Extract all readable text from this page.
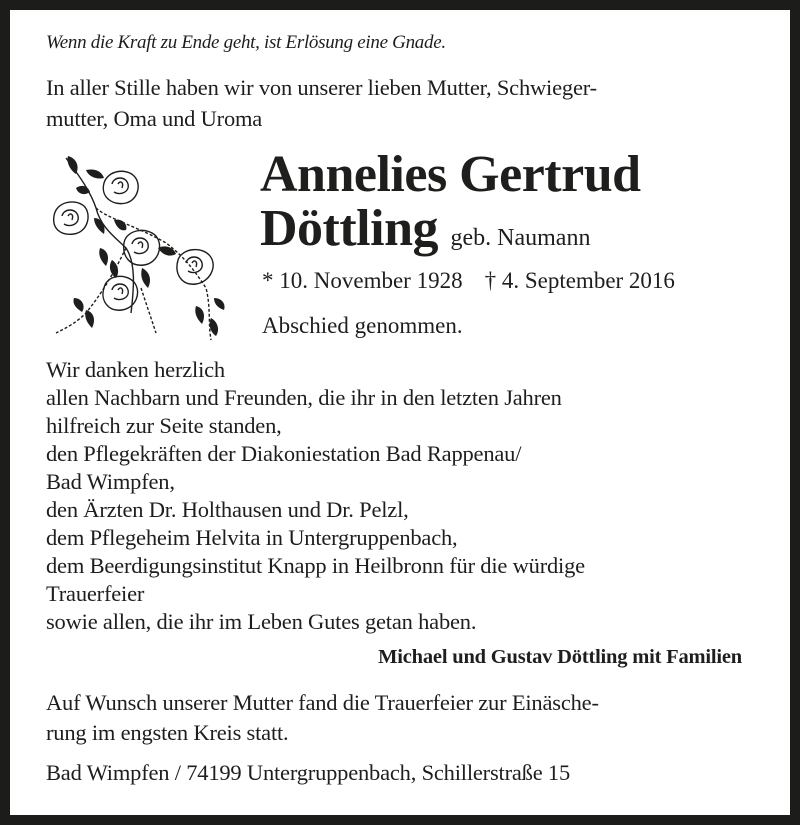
Wenn die Kraft zu Ende geht, ist Erlösung eine Gnade.
In aller Stille haben wir von unserer lieben Mutter, Schwieger-
mutter, Oma und Uroma
Annelies Gertrud
Döttling geb. Naumann
* 10. November 1928 † 4. September 2016
Abschied genommen.
Wir danken herzlich
allen Nachbarn und Freunden, die ihr in den letzten Jahren
hilfreich zur Seite standen,
den Pflegekräften der Diakoniestation Bad Rappenau/
Bad Wimpfen,
den Ärzten Dr. Holthausen und Dr. Pelzl,
dem Pflegeheim Helvita in Untergruppenbach,
dem Beerdigungsinstitut Knapp in Heilbronn für die würdige
Trauerfeier
sowie allen, die ihr im Leben Gutes getan haben.
Michael und Gustav Döttling mit Familien
Auf Wunsch unserer Mutter fand die Trauerfeier zur Einäsche-
rung im engsten Kreis statt.
Bad Wimpfen / 74199 Untergruppenbach, Schillerstraße 15
